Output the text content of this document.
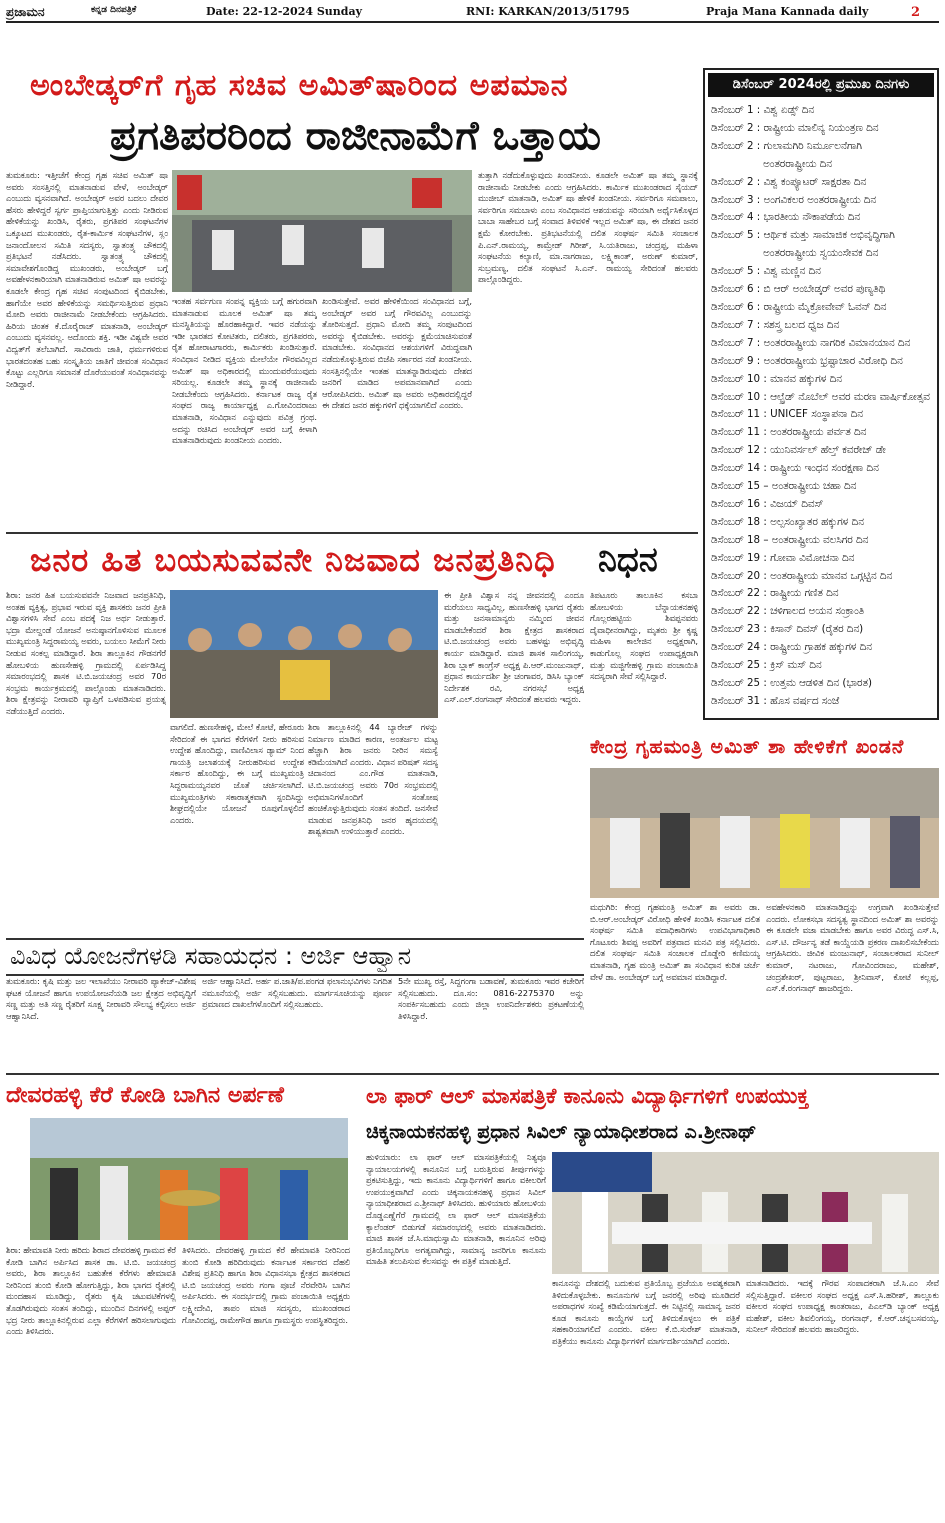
ಪ್ರಜಾಮನ	ಕನ್ನಡ ದಿನಪತ್ರಿಕೆ	Date: 22-12-2024 Sunday	RNI: KARKAN/2013/51795	Praja Mana Kannada daily	2
ಅಂಬೇಡ್ಕರ್‌ಗೆ ಗೃಹ ಸಚಿವ ಅಮಿತ್‌ಷಾರಿಂದ ಅಪಮಾನ
ಪ್ರಗತಿಪರರಿಂದ ರಾಜೀನಾಮೆಗೆ ಒತ್ತಾಯ

ತುಮಕೂರು: ಇತ್ತೀಚೆಗೆ ಕೇಂದ್ರ ಗೃಹ ಸಚಿವ ಅಮಿತ್ ಷಾ ಅವರು ಸಂಸತ್ತಿನಲ್ಲಿ ಮಾತನಾಡುವ ವೇಳೆ, ಅಂಬೇಡ್ಕರ್ ಎಂಬುದು ವ್ಯಸನವಾಗಿದೆ. ಅಂಬೇಡ್ಕರ್ ಅವರ ಬದಲು ದೇವರ ಹೆಸರು ಹೇಳಿದ್ದರೆ ಸ್ವರ್ಗ ಪ್ರಾಪ್ತಿಯಾಗುತ್ತಿತ್ತು ಎಂದು ನೀಡಿರುವ ಹೇಳಿಕೆಯನ್ನು ಖಂಡಿಸಿ, ರೈತರು, ಪ್ರಗತಿಪರ ಸಂಘಟನೆಗಳ ಒಕ್ಕೂಟದ ಮುಖಂಡರು, ರೈತ-ಕಾರ್ಮಿಕ ಸಂಘಟನೆಗಳ, ಸ್ಲಂ ಜನಾಂದೋಲನ ಸಮಿತಿ ಸದಸ್ಯರು, ಸ್ವಾತಂತ್ರ್ಯ ಚೌಕದಲ್ಲಿ ಪ್ರತಿಭಟನೆ ನಡೆಸಿದರು. ಸ್ವಾತಂತ್ರ್ಯ ಚೌಕದಲ್ಲಿ ಸಮಾವೇಶಗೊಂಡಿದ್ದ ಮುಖಂಡರು, ಅಂಬೇಡ್ಕರ್ ಬಗ್ಗೆ ಅವಹೇಳನಕಾರಿಯಾಗಿ ಮಾತನಾಡಿರುವ ಅಮಿತ್ ಷಾ ಅವರನ್ನು ಕೂಡಲೇ ಕೇಂದ್ರ ಗೃಹ ಸಚಿವ ಸಂಪುಟದಿಂದ ಕೈಬಿಡಬೇಕು, ಹಾಗೆಯೇ ಅವರ ಹೇಳಿಕೆಯನ್ನು ಸಮರ್ಥಿಸುತ್ತಿರುವ ಪ್ರಧಾನಿ ಮೋದಿ ಅವರು ರಾಜೀನಾಮೆ ನೀಡಬೇಕೆಂದು ಆಗ್ರಹಿಸಿದರು. ಹಿರಿಯ ಚಿಂತಕ ಕೆ.ದೊರೈರಾಜ್ ಮಾತನಾಡಿ, ಅಂಬೇಡ್ಕರ್ ಎಂಬುದು ವ್ಯಸನವಲ್ಲ. ಅದೊಂದು ಶಕ್ತಿ. ಇಡೀ ವಿಶ್ವವೇ ಅವರ ವಿದ್ವತ್‌ಗೆ ತಲೆಬಾಗಿದೆ. ಸಾವಿರಾರು ಜಾತಿ, ಧರ್ಮಗಳಿರುವ ಭಾರತದಂತಹ ಬಹು ಸಂಸ್ಕೃತಿಯ ಜಾತಿಗೆ ಜೀವಂತ ಸಂವಿಧಾನ ಕೊಟ್ಟು ಎಲ್ಲರಿಗೂ ಸಮಾನತೆ ದೊರೆಯುವಂತೆ ಸಂವಿಧಾನವನ್ನು ನೀಡಿದ್ದಾರೆ.

ಇಂತಹ ಸರ್ವಗುಣ ಸಂಪನ್ನ ವ್ಯಕ್ತಿಯ ಬಗ್ಗೆ ಹಗುರವಾಗಿ ಮಾತನಾಡುವ ಮೂಲಕ ಅಮಿತ್ ಷಾ ತಮ್ಮ ಮನಸ್ಥಿತಿಯನ್ನು ಹೊರಹಾಕಿದ್ದಾರೆ. ಇವರ ನಡೆಯನ್ನು ಇಡೀ ಭಾರತದ ಕೋಟಿತರು, ದಲಿತರು, ಪ್ರಗತಿಪರರು, ರೈತ ಹೋರಾಟಗಾರರು, ಕಾರ್ಮಿಕರು ಖಂಡಿಸುತ್ತಾರೆ. ಸಂವಿಧಾನ ನೀಡಿದ ವ್ಯಕ್ತಿಯ ಮೇಲೆಯೇ ಗೌರವವಿಲ್ಲದ ಅಮಿತ್ ಷಾ ಅಧಿಕಾರದಲ್ಲಿ ಮುಂದುವರೆಯುವುದು ಸರಿಯಲ್ಲ. ಕೂಡಲೇ ತಮ್ಮ ಸ್ಥಾನಕ್ಕೆ ರಾಜೀನಾಮೆ ನೀಡಬೇಕೆಂದು ಆಗ್ರಹಿಸಿದರು. ಕರ್ನಾಟಕ ರಾಜ್ಯ ರೈತ ಸಂಘದ ರಾಜ್ಯ ಕಾರ್ಯಾಧ್ಯಕ್ಷ ಎ.ಗೋವಿಂದರಾಜು ಮಾತನಾಡಿ, ಸಂವಿಧಾನ ಎನ್ನುವುದು ಪವಿತ್ರ ಗ್ರಂಥ. ಅದನ್ನು ರಚಿಸಿದ ಅಂಬೇಡ್ಕರ್ ಅವರ ಬಗ್ಗೆ ಕೀಳಾಗಿ ಮಾತನಾಡಿರುವುದು ಖಂಡನೀಯ ಎಂದರು.

ಖಂಡಿಸುತ್ತೇವೆ. ಅವರ ಹೇಳಿಕೆಯಿಂದ ಸಂವಿಧಾನದ ಬಗ್ಗೆ, ಅಂಬೇಡ್ಕರ್ ಅವರ ಬಗ್ಗೆ ಗೌರವವಿಲ್ಲ ಎಂಬುದನ್ನು ತೋರಿಸುತ್ತದೆ. ಪ್ರಧಾನಿ ಮೋದಿ ತಮ್ಮ ಸಂಪುಟದಿಂದ ಅವರನ್ನು ಕೈಬಿಡಬೇಕು. ಅವರನ್ನು ಕ್ಷಮೆಯಾಚಿಸುವಂತೆ ಮಾಡಬೇಕು. ಸಂವಿಧಾನದ ಆಶಯಗಳಿಗೆ ವಿರುದ್ಧವಾಗಿ ನಡೆದುಕೊಳ್ಳುತ್ತಿರುವ ಬಿಜೆಪಿ ಸರ್ಕಾರದ ನಡೆ ಖಂಡನೀಯ. ಸಂಸತ್ತಿನಲ್ಲಿಯೇ ಇಂತಹ ಮಾತನ್ನಾಡಿರುವುದು ದೇಶದ ಜನರಿಗೆ ಮಾಡಿದ ಅಪಮಾನವಾಗಿದೆ ಎಂದು ಆರೋಪಿಸಿದರು. ಅಮಿತ್ ಷಾ ಅವರು ಅಧಿಕಾರದಲ್ಲಿದ್ದರೆ ಈ ದೇಶದ ಜನರ ಹಕ್ಕುಗಳಿಗೆ ಧಕ್ಕೆಯಾಗಲಿದೆ ಎಂದರು.

ತುತ್ತಾಗಿ ನಡೆದುಕೊಳ್ಳುವುದು ಖಂಡನೀಯ. ಕೂಡಲೇ ಅಮಿತ್ ಷಾ ತಮ್ಮ ಸ್ಥಾನಕ್ಕೆ ರಾಜೀನಾಮೆ ನೀಡಬೇಕು ಎಂದು ಆಗ್ರಹಿಸಿದರು. ಕಾರ್ಮಿಕ ಮುಖಂಡರಾದ ಸೈಯದ್ ಮುಜೀಬ್ ಮಾತನಾಡಿ, ಅಮಿತ್ ಷಾ ಹೇಳಿಕೆ ಖಂಡನೀಯ. ಸರ್ವರಿಗೂ ಸಮಪಾಲು, ಸರ್ವರಿಗೂ ಸಮಬಾಳು ಎಂಬ ಸಂವಿಧಾನದ ಆಶಯವನ್ನು ಸರಿಯಾಗಿ ಅರ್ಥೈಸಿಕೊಳ್ಳದ ಬಾಬಾ ಸಾಹೇಬರ ಬಗ್ಗೆ ಸಂವಾದ ತಿಳಿವಳಿಕೆ ಇಲ್ಲದ ಅಮಿತ್ ಷಾ, ಈ ದೇಶದ ಜನರ ಕ್ಷಮೆ ಕೋರಬೇಕು. ಪ್ರತಿಭಟನೆಯಲ್ಲಿ ದಲಿತ ಸಂಘರ್ಷ ಸಮಿತಿ ಸಂಚಾಲಕ ಪಿ.ಎನ್.ರಾಮಯ್ಯ, ಕಾಮ್ರೇಡ್ ಗಿರೀಶ್, ಸಿ.ಯತಿರಾಜು, ಚಂದ್ರಪ್ಪ, ಮಹಿಳಾ ಸಂಘಟನೆಯ ಕಲ್ಯಾಣಿ, ಮಾ.ನಾಗರಾಜು, ಲಕ್ಷ್ಮಿಕಾಂತ್, ಅರುಣ್ ಕುಮಾರ್, ಸುಬ್ರಮಣ್ಯ, ದಲಿತ ಸಂಘಟನೆ ಸಿ.ಎನ್. ರಾಮಯ್ಯ ಸೇರಿದಂತೆ ಹಲವರು ಪಾಲ್ಗೊಂಡಿದ್ದರು.

ಡಿಸೆಂಬರ್ 2024ರಲ್ಲಿ ಪ್ರಮುಖ ದಿನಗಳು
ಡಿಸೆಂಬರ್ 1 : ವಿಶ್ವ ಏಡ್ಸ್ ದಿನ
ಡಿಸೆಂಬರ್ 2 : ರಾಷ್ಟ್ರೀಯ ಮಾಲಿನ್ಯ ನಿಯಂತ್ರಣ ದಿನ
ಡಿಸೆಂಬರ್ 2 : ಗುಲಾಮಗಿರಿ ನಿರ್ಮೂಲನೆಗಾಗಿ
ಅಂತರರಾಷ್ಟ್ರೀಯ ದಿನ
ಡಿಸೆಂಬರ್ 2 : ವಿಶ್ವ ಕಂಪ್ಯೂಟರ್ ಸಾಕ್ಷರತಾ ದಿನ
ಡಿಸೆಂಬರ್ 3 : ಅಂಗವಿಕಲರ ಅಂತರರಾಷ್ಟ್ರೀಯ ದಿನ
ಡಿಸೆಂಬರ್ 4 : ಭಾರತೀಯ ನೌಕಾಪಡೆಯ ದಿನ
ಡಿಸೆಂಬರ್ 5 : ಆರ್ಥಿಕ ಮತ್ತು ಸಾಮಾಜಿಕ ಅಭಿವೃದ್ಧಿಗಾಗಿ
ಅಂತರರಾಷ್ಟ್ರೀಯ ಸ್ವಯಂಸೇವಕ ದಿನ
ಡಿಸೆಂಬರ್ 5 : ವಿಶ್ವ ಮಣ್ಣಿನ ದಿನ
ಡಿಸೆಂಬರ್ 6 : ಬಿ ಆರ್ ಅಂಬೇಡ್ಕರ್ ಅವರ ಪುಣ್ಯತಿಥಿ
ಡಿಸೆಂಬರ್ 6 : ರಾಷ್ಟ್ರೀಯ ಮೈಕ್ರೋವೇವ್ ಓವನ್ ದಿನ
ಡಿಸೆಂಬರ್ 7 : ಸಶಸ್ತ್ರ ಬಲದ ಧ್ವಜ ದಿನ
ಡಿಸೆಂಬರ್ 7 : ಅಂತರರಾಷ್ಟ್ರೀಯ ನಾಗರಿಕ ವಿಮಾನಯಾನ ದಿನ
ಡಿಸೆಂಬರ್ 9 : ಅಂತರರಾಷ್ಟ್ರೀಯ ಭ್ರಷ್ಟಾಚಾರ ವಿರೋಧಿ ದಿನ
ಡಿಸೆಂಬರ್ 10 : ಮಾನವ ಹಕ್ಕುಗಳ ದಿನ
ಡಿಸೆಂಬರ್ 10 : ಆಲ್ಫ್ರೆಡ್ ನೊಬೆಲ್ ಅವರ ಮರಣ ವಾರ್ಷಿಕೋತ್ಸವ
ಡಿಸೆಂಬರ್ 11 : UNICEF ಸಂಸ್ಥಾಪನಾ ದಿನ
ಡಿಸೆಂಬರ್ 11 : ಅಂತರರಾಷ್ಟ್ರೀಯ ಪರ್ವತ ದಿನ
ಡಿಸೆಂಬರ್ 12 : ಯುನಿವರ್ಸಲ್ ಹೆಲ್ತ್ ಕವರೇಜ್ ಡೇ
ಡಿಸೆಂಬರ್ 14 : ರಾಷ್ಟ್ರೀಯ ಇಂಧನ ಸಂರಕ್ಷಣಾ ದಿನ
ಡಿಸೆಂಬರ್ 15 – ಅಂತರಾಷ್ಟ್ರೀಯ ಚಹಾ ದಿನ
ಡಿಸೆಂಬರ್ 16 : ವಿಜಯ್ ದಿವಸ್
ಡಿಸೆಂಬರ್ 18 : ಅಲ್ಪಸಂಖ್ಯಾತರ ಹಕ್ಕುಗಳ ದಿನ
ಡಿಸೆಂಬರ್ 18 – ಅಂತರಾಷ್ಟ್ರೀಯ ವಲಸಿಗರ ದಿನ
ಡಿಸೆಂಬರ್ 19 : ಗೋವಾ ವಿಮೋಚನಾ ದಿನ
ಡಿಸೆಂಬರ್ 20 : ಅಂತರಾಷ್ಟ್ರೀಯ ಮಾನವ ಒಗ್ಗಟ್ಟಿನ ದಿನ
ಡಿಸೆಂಬರ್ 22 : ರಾಷ್ಟ್ರೀಯ ಗಣಿತ ದಿನ
ಡಿಸೆಂಬರ್ 22 : ಚಳಿಗಾಲದ ಅಯನ ಸಂಕ್ರಾಂತಿ
ಡಿಸೆಂಬರ್ 23 : ಕಿಸಾನ್ ದಿವಸ್ (ರೈತರ ದಿನ)
ಡಿಸೆಂಬರ್ 24 : ರಾಷ್ಟ್ರೀಯ ಗ್ರಾಹಕ ಹಕ್ಕುಗಳ ದಿನ
ಡಿಸೆಂಬರ್ 25 : ಕ್ರಿಸ್ ಮಸ್ ದಿನ
ಡಿಸೆಂಬರ್ 25 : ಉತ್ತಮ ಆಡಳಿತ ದಿನ (ಭಾರತ)
ಡಿಸೆಂಬರ್ 31 : ಹೊಸ ವರ್ಷದ ಸಂಜೆ
ಜನರ ಹಿತ ಬಯಸುವವನೇ ನಿಜವಾದ ಜನಪ್ರತಿನಿಧಿ

ಶಿರಾ: ಜನರ ಹಿತ ಬಯಸುವವನೇ ನಿಜವಾದ ಜನಪ್ರತಿನಿಧಿ, ಅಂತಹ ವ್ಯಕ್ತಿತ್ವ, ಪ್ರಭಾವ ಇರುವ ವ್ಯಕ್ತಿ ಶಾಸಕರು ಜನರ ಪ್ರೀತಿ ವಿಶ್ವಾಸಗಳಿಸಿ ಸೇವೆ ಎಂಬ ಪದಕ್ಕೆ ನಿಜ ಅರ್ಥ ನೀಡುತ್ತಾರೆ. ಭದ್ರಾ ಮೇಲ್ದಂಡೆ ಯೋಜನೆ ಅನುಷ್ಠಾನಗೊಳಿಸುವ ಮೂಲಕ ಮುಖ್ಯಮಂತ್ರಿ ಸಿದ್ದರಾಮಯ್ಯ ಅವರು, ಬಯಲು ಸೀಮೆಗೆ ನೀರು ನೀಡುವ ಸಂಕಲ್ಪ ಮಾಡಿದ್ದಾರೆ. ಶಿರಾ ತಾಲ್ಲೂಕಿನ ಗೌಡನಗೆರೆ ಹೋಬಳಿಯ ಹುಣಸೇಹಳ್ಳಿ ಗ್ರಾಮದಲ್ಲಿ ಏರ್ಪಡಿಸಿದ್ದ ಸಮಾರಂಭದಲ್ಲಿ ಶಾಸಕ ಟಿ.ಬಿ.ಜಯಚಂದ್ರ ಅವರ 70ರ ಸಂಭ್ರಮ ಕಾರ್ಯಕ್ರಮದಲ್ಲಿ ಪಾಲ್ಗೊಂಡು ಮಾತನಾಡಿದರು. ಶಿರಾ ಕ್ಷೇತ್ರವನ್ನು ನೀರಾವರಿ ವ್ಯಾಪ್ತಿಗೆ ಒಳಪಡಿಸುವ ಪ್ರಯತ್ನ ನಡೆಯುತ್ತಿದೆ ಎಂದರು.

ವಾಗಲಿದೆ. ಹುಣಸೇಹಳ್ಳಿ, ಮೇಲೆ ಕೋಟೆ, ಹೇರೂರು ಸೇರಿದಂತೆ ಈ ಭಾಗದ ಕೆರೆಗಳಿಗೆ ನೀರು ಹರಿಸುವ ಉದ್ದೇಶ ಹೊಂದಿದ್ದು, ವಾಣಿವಿಲಾಸ ಡ್ಯಾಮ್ ನಿಂದ ಗಾಯತ್ರಿ ಜಲಾಶಯಕ್ಕೆ ನೀರುಹರಿಸುವ ಉದ್ದೇಶ ಸರ್ಕಾರ ಹೊಂದಿದ್ದು, ಈ ಬಗ್ಗೆ ಮುಖ್ಯಮಂತ್ರಿ ಸಿದ್ದರಾಮಯ್ಯನವರ ಜೊತೆ ಚರ್ಚಿಸಲಾಗಿದೆ. ಮುಖ್ಯಮಂತ್ರಿಗಳು ಸಕಾರಾತ್ಮಕವಾಗಿ ಸ್ಪಂದಿಸಿದ್ದು ಶೀಘ್ರದಲ್ಲಿಯೇ ಯೋಜನೆ ರೂಪುಗೊಳ್ಳಲಿದೆ ಎಂದರು.

ಶಿರಾ ತಾಲ್ಲೂಕಿನಲ್ಲಿ 44 ಬ್ಯಾರೇಜ್ ಗಳನ್ನು ನಿರ್ಮಾಣ ಮಾಡಿದ ಕಾರಣ, ಅಂತರ್ಜಲ ಮಟ್ಟ ಹೆಚ್ಚಾಗಿ ಶಿರಾ ಜನರು ನೀರಿನ ಸಮಸ್ಯೆ ಕಡಿಮೆಯಾಗಿದೆ ಎಂದರು. ವಿಧಾನ ಪರಿಷತ್ ಸದಸ್ಯ ಚಿದಾನಂದ ಎಂ.ಗೌಡ ಮಾತನಾಡಿ, ಟಿ.ಬಿ.ಜಯಚಂದ್ರ ಅವರು 70ರ ಸಂಭ್ರಮದಲ್ಲಿ ಅಭಿಮಾನಿಗಳೊಂದಿಗೆ ಸಂತೋಷ ಹಂಚಿಕೊಳ್ಳುತ್ತಿರುವುದು ಸಂತಸ ತಂದಿದೆ. ಜನಸೇವೆ ಮಾಡುವ ಜನಪ್ರತಿನಿಧಿ ಜನರ ಹೃದಯದಲ್ಲಿ ಶಾಶ್ವತವಾಗಿ ಉಳಿಯುತ್ತಾರೆ ಎಂದರು.

ಈ ಪ್ರೀತಿ ವಿಶ್ವಾಸ ನನ್ನ ಜೀವನದಲ್ಲಿ ಎಂದೂ ಮರೆಯಲು ಸಾಧ್ಯವಿಲ್ಲ, ಹುಣಸೇಹಳ್ಳಿ ಭಾಗದ ರೈತರು ಮತ್ತು ಜನಸಾಮಾನ್ಯರು ನಮ್ಮಿಂದ ಜೀವನ ಮಾಡಬೇಕೆಂದರೆ ಶಿರಾ ಕ್ಷೇತ್ರದ ಶಾಸಕರಾದ ಟಿ.ಬಿ.ಜಯಚಂದ್ರ ಅವರು ಬಹಳಷ್ಟು ಅಭಿವೃದ್ಧಿ ಕಾರ್ಯ ಮಾಡಿದ್ದಾರೆ. ಮಾಜಿ ಶಾಸಕ ಸಾಲಿಂಗಯ್ಯ, ಶಿರಾ ಬ್ಲಾಕ್ ಕಾಂಗ್ರೆಸ್ ಅಧ್ಯಕ್ಷ ಪಿ.ಆರ್.ಮಂಜುನಾಥ್, ಪ್ರಧಾನ ಕಾರ್ಯದರ್ಶಿ ಶ್ರೀ ಚಂಗಾವರ, ಡಿಸಿಸಿ ಬ್ಯಾಂಕ್ ನಿರ್ದೇಶಕ ರವಿ, ನಗರಸಭೆ ಅಧ್ಯಕ್ಷ ಎಸ್.ಎಲ್.ರಂಗನಾಥ್ ಸೇರಿದಂತೆ ಹಲವರು ಇದ್ದರು.

ನಿಧನ

ತಿಪಟೂರು ತಾಲೂಕಿನ ಕಸಬಾ ಹೋಬಳಿಯ ಬೆನ್ನಾಯಕನಹಳ್ಳಿ ಗೊಲ್ಲರಹಟ್ಟಿಯ ಶಿವಪ್ಪನವರು ದೈವಾಧೀನರಾಗಿದ್ದು, ಮೃತರು ಶ್ರೀ ಕೃಷ್ಣ ಮಹಿಳಾ ಕಾಲೇಜಿನ ಅಧ್ಯಕ್ಷರಾಗಿ, ಕಾಡುಗೊಲ್ಲ ಸಂಘದ ಉಪಾಧ್ಯಕ್ಷರಾಗಿ ಮತ್ತು ಮಜ್ಜಿಗೇಹಳ್ಳಿ ಗ್ರಾಮ ಪಂಚಾಯಿತಿ ಸದಸ್ಯರಾಗಿ ಸೇವೆ ಸಲ್ಲಿಸಿದ್ದಾರೆ.

ಕೇಂದ್ರ ಗೃಹಮಂತ್ರಿ ಅಮಿತ್ ಶಾ ಹೇಳಿಕೆಗೆ ಖಂಡನೆ

ಮಧುಗಿರಿ: ಕೇಂದ್ರ ಗೃಹಮಂತ್ರಿ ಅಮಿತ್ ಶಾ ಅವರು ಡಾ. ಬಿ.ಆರ್.ಅಂಬೇಡ್ಕರ್ ವಿರೋಧಿ ಹೇಳಿಕೆ ಖಂಡಿಸಿ ಕರ್ನಾಟಕ ದಲಿತ ಸಂಘರ್ಷ ಸಮಿತಿ ಪದಾಧಿಕಾರಿಗಳು ಉಪವಿಭಾಗಾಧಿಕಾರಿ ಗೊಟೂರು ಶಿವಪ್ಪ ಅವರಿಗೆ ಪತ್ರವಾದ ಮನವಿ ಪತ್ರ ಸಲ್ಲಿಸಿದರು. ದಲಿತ ಸಂಘರ್ಷ ಸಮಿತಿ ಸಂಚಾಲಕ ದೊಡ್ಡೇರಿ ಕಣಿಮಯ್ಯ ಮಾತನಾಡಿ, ಗೃಹ ಮಂತ್ರಿ ಅಮಿತ್ ಶಾ ಸಂವಿಧಾನ ಕುರಿತ ಚರ್ಚೆ ವೇಳೆ ಡಾ. ಅಂಬೇಡ್ಕರ್ ಬಗ್ಗೆ ಅವಮಾನ ಮಾಡಿದ್ದಾರೆ.

ಅವಹೇಳನಕಾರಿ ಮಾತನಾಡಿದ್ದನ್ನು ಉಗ್ರವಾಗಿ ಖಂಡಿಸುತ್ತೇವೆ ಎಂದರು. ಲೋಕಸಭಾ ಸದಸ್ಯತ್ವ ಸ್ಥಾನದಿಂದ ಅಮಿತ್ ಶಾ ಅವರನ್ನು ಈ ಕೂಡಲೇ ವಜಾ ಮಾಡಬೇಕು ಹಾಗೂ ಅವರ ವಿರುದ್ಧ ಎಸ್.ಸಿ, ಎಸ್.ಟಿ. ದೌರ್ಜನ್ಯ ತಡೆ ಕಾಯ್ದೆಯಡಿ ಪ್ರಕರಣ ದಾಖಲಿಸಬೇಕೆಂದು ಆಗ್ರಹಿಸಿದರು. ಜೀವಿಕ ಮಂಜುನಾಥ್, ಸಂಚಾಲಕರಾದ ಸುನೀಲ್ ಕುಮಾರ್, ನಟರಾಜು, ಗೋವಿಂದರಾಜು, ಮಹೇಶ್, ಚಂದ್ರಶೇಖರ್, ಪುಟ್ಟರಾಜು, ಶ್ರೀನಿವಾಸ್, ಕೋಟೆ ಕಲ್ಲಪ್ಪ, ಎಸ್.ಕೆ.ರಂಗನಾಥ್ ಹಾಜರಿದ್ದರು.

ವಿವಿಧ ಯೋಜನೆಗಳಡಿ ಸಹಾಯಧನ : ಅರ್ಜಿ ಆಹ್ವಾನ

ತುಮಕೂರು: ಕೃಷಿ ಮತ್ತು ಜಲ ಇಲಾಖೆಯು ನೀರಾವರಿ ಪ್ಯಾಕೇಜ್-ವಿಶೇಷ ಘಟಕ ಯೋಜನೆ ಹಾಗೂ ಉಪಯೋಜನೆಯಡಿ ಜಲ ಕ್ಷೇತ್ರದ ಅಭಿವೃದ್ಧಿಗೆ ಸಣ್ಣ ಮತ್ತು ಅತಿ ಸಣ್ಣ ರೈತರಿಗೆ ಸೂಕ್ಷ್ಮ ನೀರಾವರಿ ಸೌಲಭ್ಯ ಕಲ್ಪಿಸಲು ಅರ್ಜಿ ಆಹ್ವಾನಿಸಿದೆ.

ಅರ್ಜಿ ಆಹ್ವಾನಿಸಿದೆ. ಅರ್ಹ ಪ.ಜಾತಿ/ಪ.ಪಂಗಡ ಫಲಾನುಭವಿಗಳು ನಿಗದಿತ ನಮೂನೆಯಲ್ಲಿ ಅರ್ಜಿ ಸಲ್ಲಿಸಬಹುದು. ಮಾರ್ಗಸೂಚಿಯನ್ನು ಪೂರ್ಣ ಪ್ರಮಾಣದ ದಾಖಲೆಗಳೊಂದಿಗೆ ಸಲ್ಲಿಸಬಹುದು.

5ನೇ ಮುಖ್ಯ ರಸ್ತೆ, ಸಿದ್ದಗಂಗಾ ಬಡಾವಣೆ, ತುಮಕೂರು ಇವರ ಕಚೇರಿಗೆ ಸಲ್ಲಿಸಬಹುದು. ದೂ.ಸಂ: 0816-2275370 ಅನ್ನು ಸಂಪರ್ಕಿಸಬಹುದು ಎಂದು ಜಿಲ್ಲಾ ಉಪನಿರ್ದೇಶಕರು ಪ್ರಕಟಣೆಯಲ್ಲಿ ತಿಳಿಸಿದ್ದಾರೆ.

ದೇವರಹಳ್ಳಿ ಕೆರೆ ಕೋಡಿ ಬಾಗಿನ ಅರ್ಪಣೆ

ಶಿರಾ: ಹೇಮಾವತಿ ನೀರು ಹರಿದು ಶಿರಾದ ದೇವರಹಳ್ಳಿ ಗ್ರಾಮದ ಕೆರೆ ಕೋಡಿ ಬಾಗಿನ ಅರ್ಪಿಸಿದ ಶಾಸಕ ಡಾ. ಟಿ.ಬಿ. ಜಯಚಂದ್ರ ಅವರು, ಶಿರಾ ತಾಲ್ಲೂಕಿನ ಬಹುತೇಕ ಕೆರೆಗಳು ಹೇಮಾವತಿ ನೀರಿನಿಂದ ತುಂಬಿ ಕೋಡಿ ಹೋಗುತ್ತಿದ್ದು, ಶಿರಾ ಭಾಗದ ರೈತರಲ್ಲಿ ಮಂದಹಾಸ ಮೂಡಿದ್ದು, ರೈತರು ಕೃಷಿ ಚಟುವಟಿಕೆಗಳಲ್ಲಿ ತೊಡಗಿರುವುದು ಸಂತಸ ತಂದಿದ್ದು, ಮುಂದಿನ ದಿನಗಳಲ್ಲಿ ಅಪ್ಪರ್ ಭದ್ರ ನೀರು ತಾಲ್ಲೂಕಿನಲ್ಲಿರುವ ಎಲ್ಲಾ ಕೆರೆಗಳಿಗೆ ಹರಿಸಲಾಗುವುದು ಎಂದು ತಿಳಿಸಿದರು.

ತಿಳಿಸಿದರು. ದೇವರಹಳ್ಳಿ ಗ್ರಾಮದ ಕೆರೆ ಹೇಮಾವತಿ ನೀರಿನಿಂದ ತುಂಬಿ ಕೋಡಿ ಹರಿದಿರುವುದು ಕರ್ನಾಟಕ ಸರ್ಕಾರದ ದೆಹಲಿ ವಿಶೇಷ ಪ್ರತಿನಿಧಿ ಹಾಗೂ ಶಿರಾ ವಿಧಾನಸಭಾ ಕ್ಷೇತ್ರದ ಶಾಸಕರಾದ ಟಿ.ಬಿ ಜಯಚಂದ್ರ ಅವರು ಗಂಗಾ ಪೂಜೆ ನೆರವೇರಿಸಿ ಬಾಗಿನ ಅರ್ಪಿಸಿದರು. ಈ ಸಂದರ್ಭದಲ್ಲಿ ಗ್ರಾಮ ಪಂಚಾಯಿತಿ ಅಧ್ಯಕ್ಷರು ಲಕ್ಷ್ಮೀದೇವಿ, ತಾಪಂ ಮಾಜಿ ಸದಸ್ಯರು, ಮುಖಂಡರಾದ ಗೋವಿಂದಪ್ಪ, ರಾಮೇಗೌಡ ಹಾಗೂ ಗ್ರಾಮಸ್ಥರು ಉಪಸ್ಥಿತರಿದ್ದರು.

ಲಾ ಫಾರ್ ಆಲ್ ಮಾಸಪತ್ರಿಕೆ ಕಾನೂನು ವಿದ್ಯಾರ್ಥಿಗಳಿಗೆ ಉಪಯುಕ್ತ
ಚಿಕ್ಕನಾಯಕನಹಳ್ಳಿ ಪ್ರಧಾನ ಸಿವಿಲ್ ನ್ಯಾಯಾಧೀಶರಾದ ಎ.ಶ್ರೀನಾಥ್

ಹುಳಿಯಾರು: ಲಾ ಫಾರ್ ಆಲ್ ಮಾಸಪತ್ರಿಕೆಯಲ್ಲಿ ನಿತ್ಯವೂ ನ್ಯಾಯಾಲಯಗಳಲ್ಲಿ ಕಾನೂನಿನ ಬಗ್ಗೆ ಬರುತ್ತಿರುವ ತೀರ್ಪುಗಳನ್ನು ಪ್ರಕಟಿಸುತ್ತಿದ್ದು, ಇದು ಕಾನೂನು ವಿದ್ಯಾರ್ಥಿಗಳಿಗೆ ಹಾಗೂ ವಕೀಲರಿಗೆ ಉಪಯುಕ್ತವಾಗಿದೆ ಎಂದು ಚಿಕ್ಕನಾಯಕನಹಳ್ಳಿ ಪ್ರಧಾನ ಸಿವಿಲ್ ನ್ಯಾಯಾಧೀಶರಾದ ಎ.ಶ್ರೀನಾಥ್ ತಿಳಿಸಿದರು. ಹುಳಿಯಾರು ಹೋಬಳಿಯ ದೊಡ್ಡಎಣ್ಣೆಗೆರೆ ಗ್ರಾಮದಲ್ಲಿ ಲಾ ಫಾರ್ ಆಲ್ ಮಾಸಪತ್ರಿಕೆಯ ಕ್ಯಾಲೆಂಡರ್ ಬಿಡುಗಡೆ ಸಮಾರಂಭದಲ್ಲಿ ಅವರು ಮಾತನಾಡಿದರು. ಮಾಜಿ ಶಾಸಕ ಜೆ.ಸಿ.ಮಾಧುಸ್ವಾಮಿ ಮಾತನಾಡಿ, ಕಾನೂನಿನ ಅರಿವು ಪ್ರತಿಯೊಬ್ಬರಿಗೂ ಅಗತ್ಯವಾಗಿದ್ದು, ಸಾಮಾನ್ಯ ಜನರಿಗೂ ಕಾನೂನು ಮಾಹಿತಿ ತಲುಪಿಸುವ ಕೆಲಸವನ್ನು ಈ ಪತ್ರಿಕೆ ಮಾಡುತ್ತಿದೆ.

ಕಾನೂನನ್ನು ದೇಶದಲ್ಲಿ ಬದುಕುವ ಪ್ರತಿಯೊಬ್ಬ ಪ್ರಜೆಯೂ ಅವಶ್ಯಕವಾಗಿ ತಿಳಿದುಕೊಳ್ಳಬೇಕು. ಕಾನೂನುಗಳ ಬಗ್ಗೆ ಜನರಲ್ಲಿ ಅರಿವು ಮೂಡಿದರೆ ಅಪರಾಧಗಳ ಸಂಖ್ಯೆ ಕಡಿಮೆಯಾಗುತ್ತದೆ. ಈ ನಿಟ್ಟಿನಲ್ಲಿ ಸಾಮಾನ್ಯ ಜನರ ಕೂಡ ಕಾನೂನು ಕಾಯ್ದೆಗಳ ಬಗ್ಗೆ ತಿಳಿದುಕೊಳ್ಳಲು ಈ ಪತ್ರಿಕೆ ಸಹಕಾರಿಯಾಗಲಿದೆ ಎಂದರು. ವಕೀಲ ಕೆ.ಬಿ.ಸುರೇಶ್ ಮಾತನಾಡಿ, ಪತ್ರಿಕೆಯು ಕಾನೂನು ವಿದ್ಯಾರ್ಥಿಗಳಿಗೆ ಮಾರ್ಗದರ್ಶಿಯಾಗಿದೆ ಎಂದರು.

ಮಾತನಾಡಿದರು. ಇದಕ್ಕೆ ಗೌರವ ಸಂಪಾದಕರಾಗಿ ಜೆ.ಸಿ.ಎಂ ಸೇವೆ ಸಲ್ಲಿಸುತ್ತಿದ್ದಾರೆ. ವಕೀಲರ ಸಂಘದ ಅಧ್ಯಕ್ಷ ಎಸ್.ಸಿ.ಹರೀಶ್, ತಾಲ್ಲೂಕು ವಕೀಲರ ಸಂಘದ ಉಪಾಧ್ಯಕ್ಷ ಕಾಂತರಾಜು, ಪಿಎಲ್‌ಡಿ ಬ್ಯಾಂಕ್ ಅಧ್ಯಕ್ಷ ಮಹೇಶ್, ವಕೀಲ ಶಿವಲಿಂಗಯ್ಯ, ರಂಗನಾಥ್, ಕೆ.ಆರ್.ಚನ್ನಬಸವಯ್ಯ, ಸುನೀಲ್ ಸೇರಿದಂತೆ ಹಲವರು ಹಾಜರಿದ್ದರು.
